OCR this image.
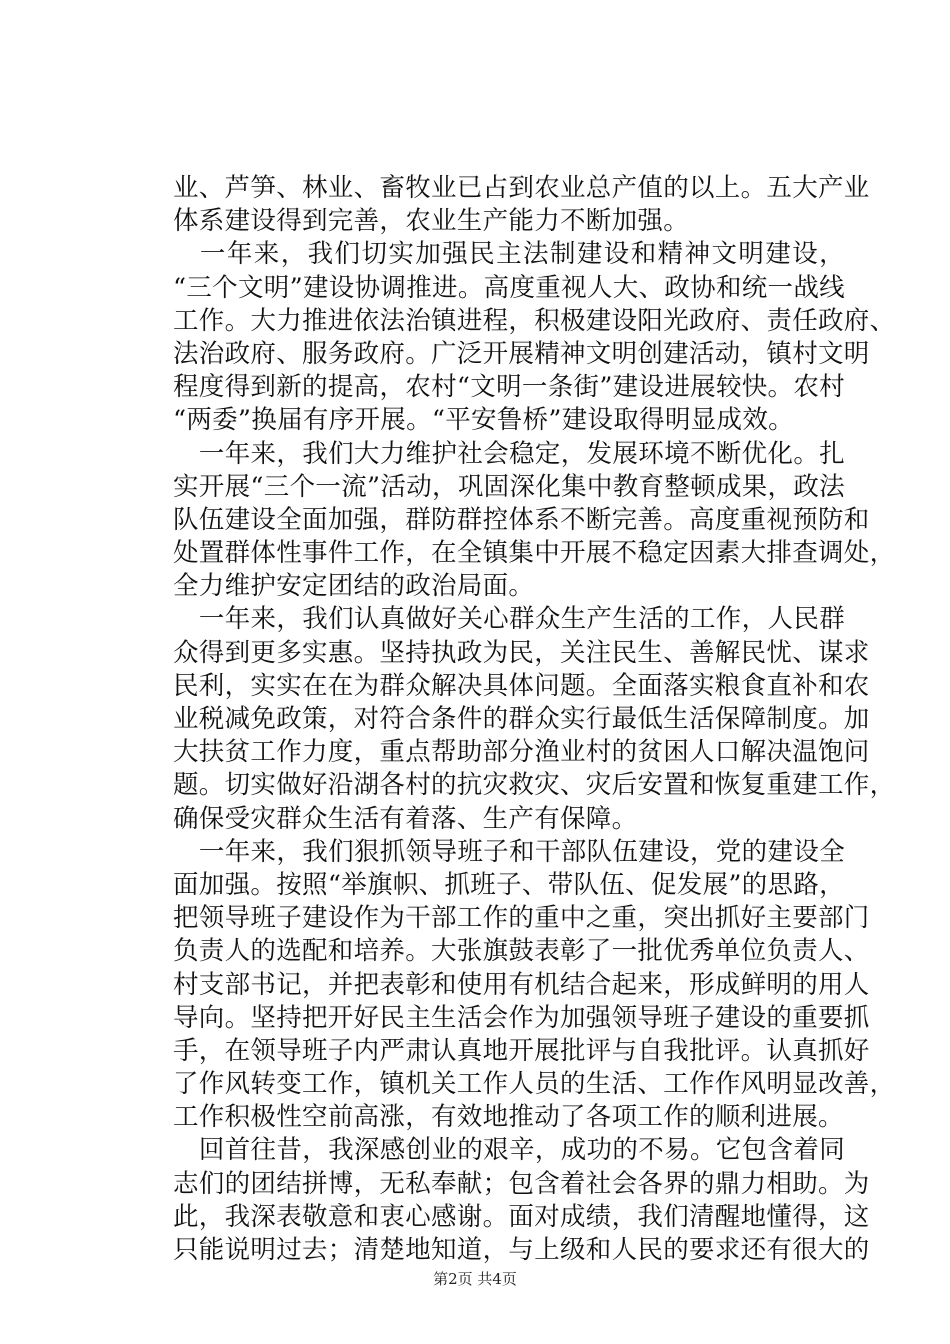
业、芦笋、林业、畜牧业已占到农业总产值的以上。五大产业
体系建设得到完善，农业生产能力不断加强。
　一年来，我们切实加强民主法制建设和精神文明建设，
“三个文明”建设协调推进。高度重视人大、政协和统一战线
工作。大力推进依法治镇进程，积极建设阳光政府、责任政府、
法治政府、服务政府。广泛开展精神文明创建活动，镇村文明
程度得到新的提高，农村“文明一条街”建设进展较快。农村
“两委”换届有序开展。“平安鲁桥”建设取得明显成效。
　一年来，我们大力维护社会稳定，发展环境不断优化。扎
实开展“三个一流”活动，巩固深化集中教育整顿成果，政法
队伍建设全面加强，群防群控体系不断完善。高度重视预防和
处置群体性事件工作，在全镇集中开展不稳定因素大排查调处，
全力维护安定团结的政治局面。
　一年来，我们认真做好关心群众生产生活的工作，人民群
众得到更多实惠。坚持执政为民，关注民生、善解民忧、谋求
民利，实实在在为群众解决具体问题。全面落实粮食直补和农
业税减免政策，对符合条件的群众实行最低生活保障制度。加
大扶贫工作力度，重点帮助部分渔业村的贫困人口解决温饱问
题。切实做好沿湖各村的抗灾救灾、灾后安置和恢复重建工作，
确保受灾群众生活有着落、生产有保障。
　一年来，我们狠抓领导班子和干部队伍建设，党的建设全
面加强。按照“举旗帜、抓班子、带队伍、促发展”的思路，
把领导班子建设作为干部工作的重中之重，突出抓好主要部门
负责人的选配和培养。大张旗鼓表彰了一批优秀单位负责人、
村支部书记，并把表彰和使用有机结合起来，形成鲜明的用人
导向。坚持把开好民主生活会作为加强领导班子建设的重要抓
手，在领导班子内严肃认真地开展批评与自我批评。认真抓好
了作风转变工作，镇机关工作人员的生活、工作作风明显改善，
工作积极性空前高涨，有效地推动了各项工作的顺利进展。
　回首往昔，我深感创业的艰辛，成功的不易。它包含着同
志们的团结拼博，无私奉献；包含着社会各界的鼎力相助。为
此，我深表敬意和衷心感谢。面对成绩，我们清醒地懂得，这
只能说明过去；清楚地知道，与上级和人民的要求还有很大的
第2页 共4页
